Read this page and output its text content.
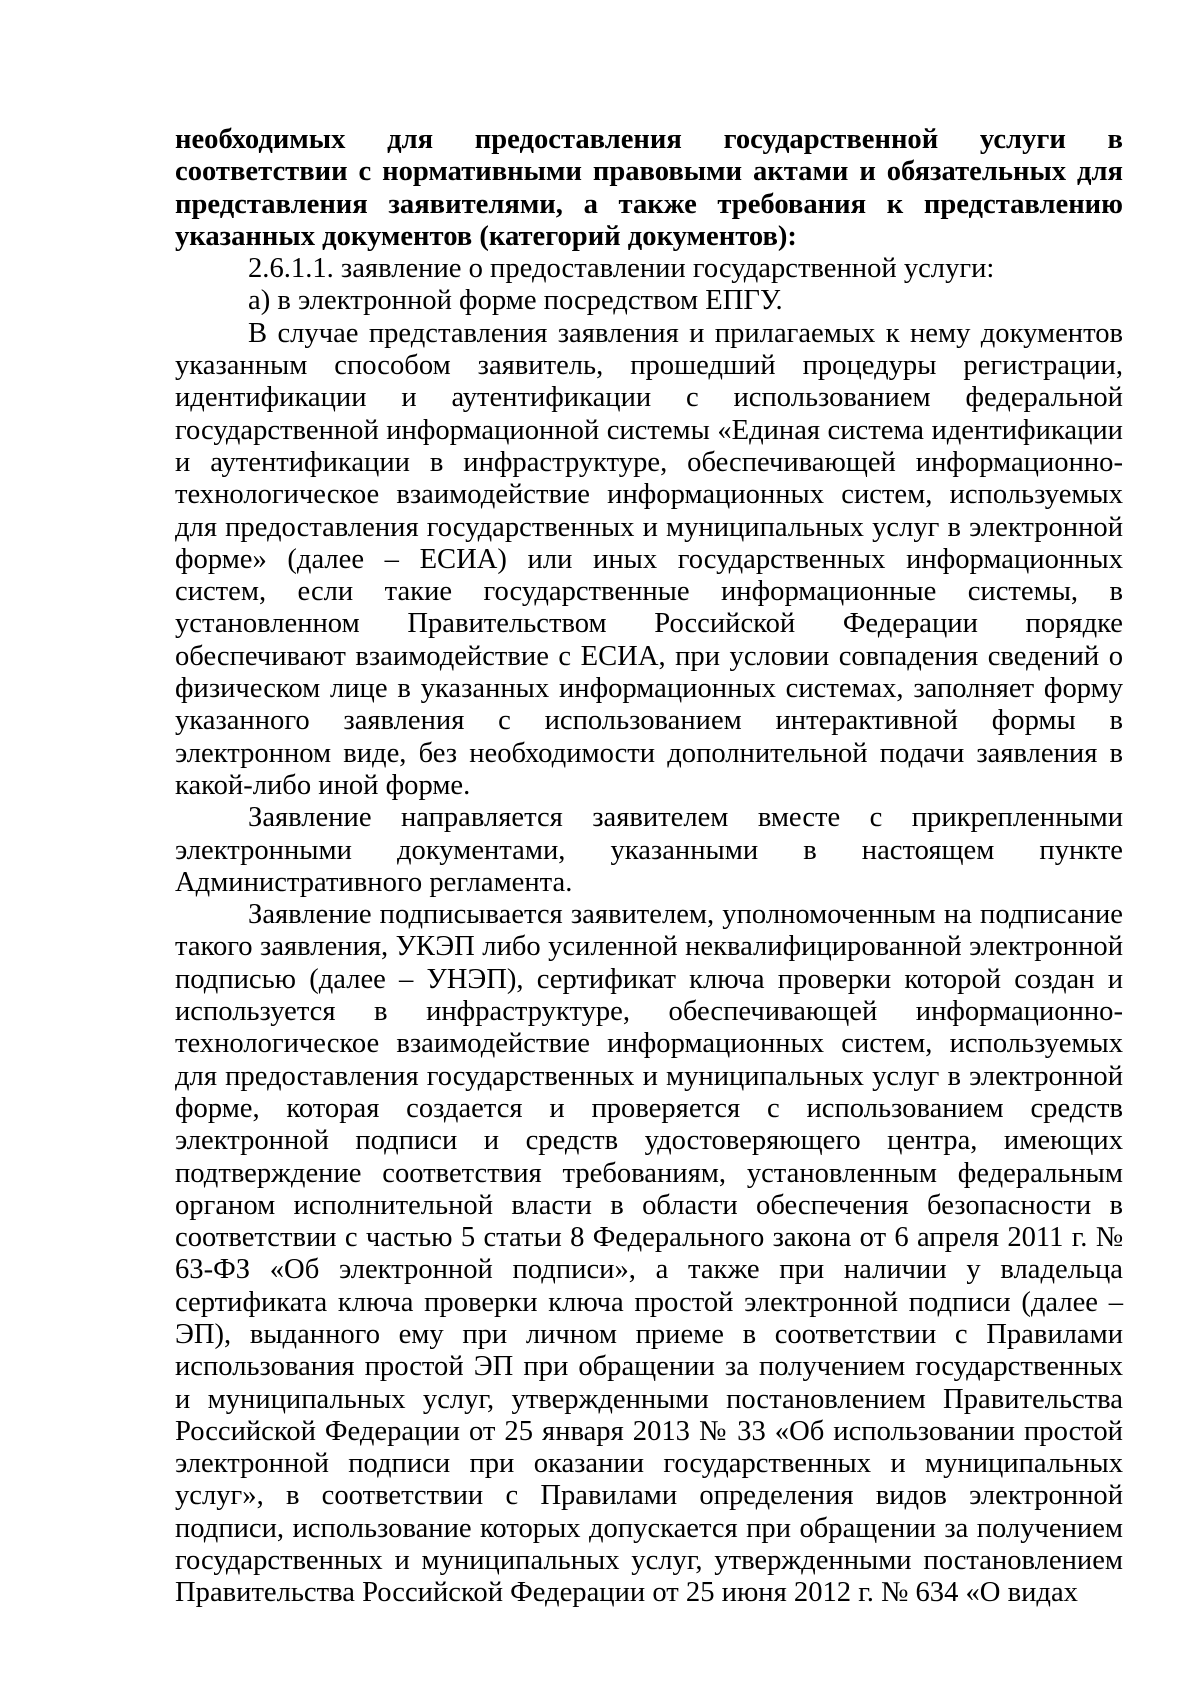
необходимых для предоставления государственной услуги в соответствии с нормативными правовыми актами и обязательных для представления заявителями, а также требования к представлению указанных документов (категорий документов):

2.6.1.1. заявление о предоставлении государственной услуги:

а) в электронной форме посредством ЕПГУ.

В случае представления заявления и прилагаемых к нему документов указанным способом заявитель, прошедший процедуры регистрации, идентификации и аутентификации с использованием федеральной государственной информационной системы «Единая система идентификации и аутентификации в инфраструктуре, обеспечивающей информационно-технологическое взаимодействие информационных систем, используемых для предоставления государственных и муниципальных услуг в электронной форме» (далее – ЕСИА) или иных государственных информационных систем, если такие государственные информационные системы, в установленном Правительством Российской Федерации порядке обеспечивают взаимодействие с ЕСИА, при условии совпадения сведений о физическом лице в указанных информационных системах, заполняет форму указанного заявления с использованием интерактивной формы в электронном виде, без необходимости дополнительной подачи заявления в какой-либо иной форме.

Заявление направляется заявителем вместе с прикрепленными электронными документами, указанными в настоящем пункте Административного регламента.

Заявление подписывается заявителем, уполномоченным на подписание такого заявления, УКЭП либо усиленной неквалифицированной электронной подписью (далее – УНЭП), сертификат ключа проверки которой создан и используется в инфраструктуре, обеспечивающей информационно-технологическое взаимодействие информационных систем, используемых для предоставления государственных и муниципальных услуг в электронной форме, которая создается и проверяется с использованием средств электронной подписи и средств удостоверяющего центра, имеющих подтверждение соответствия требованиям, установленным федеральным органом исполнительной власти в области обеспечения безопасности в соответствии с частью 5 статьи 8 Федерального закона от 6 апреля 2011 г. № 63-ФЗ «Об электронной подписи», а также при наличии у владельца сертификата ключа проверки ключа простой электронной подписи (далее – ЭП), выданного ему при личном приеме в соответствии с Правилами использования простой ЭП при обращении за получением государственных и муниципальных услуг, утвержденными постановлением Правительства Российской Федерации от 25 января 2013 № 33 «Об использовании простой электронной подписи при оказании государственных и муниципальных услуг», в соответствии с Правилами определения видов электронной подписи, использование которых допускается при обращении за получением государственных и муниципальных услуг, утвержденными постановлением Правительства Российской Федерации от 25 июня 2012 г. № 634 «О видах
